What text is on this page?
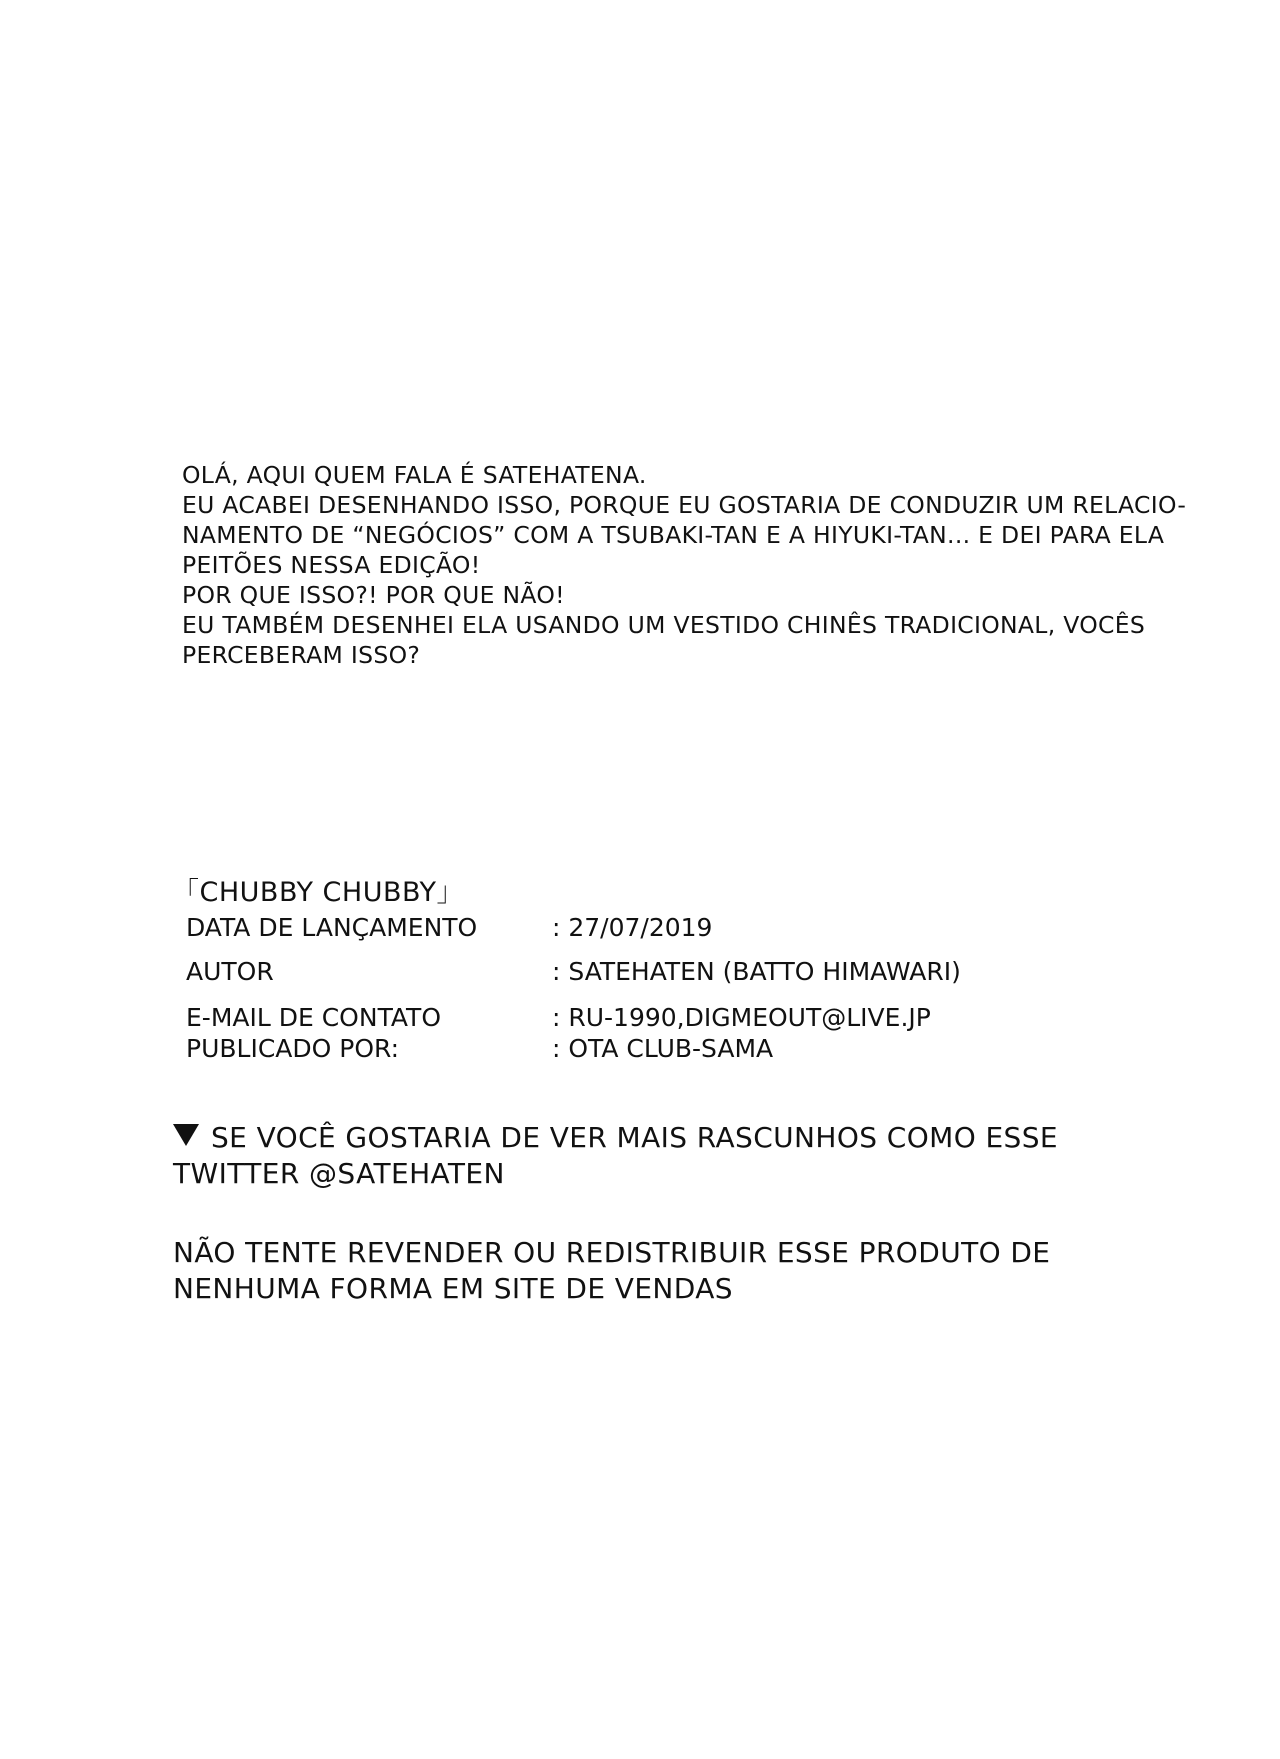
OLÁ, AQUI QUEM FALA É SATEHATENA.
EU ACABEI DESENHANDO ISSO, PORQUE EU GOSTARIA DE CONDUZIR UM RELACIO-
NAMENTO DE “NEGÓCIOS” COM A TSUBAKI-TAN E A HIYUKI-TAN... E DEI PARA ELA
PEITÕES NESSA EDIÇÃO!
POR QUE ISSO?! POR QUE NÃO!
EU TAMBÉM DESENHEI ELA USANDO UM VESTIDO CHINÊS TRADICIONAL, VOCÊS
PERCEBERAM ISSO?
「CHUBBY CHUBBY」
DATA DE LANÇAMENTO	: 27/07/2019
AUTOR	: SATEHATEN (BATTO HIMAWARI)
E-MAIL DE CONTATO	: RU-1990,DIGMEOUT@LIVE.JP
PUBLICADO POR:	: OTA CLUB-SAMA
SE VOCÊ GOSTARIA DE VER MAIS RASCUNHOS COMO ESSE
TWITTER @SATEHATEN
NÃO TENTE REVENDER OU REDISTRIBUIR ESSE PRODUTO DE
NENHUMA FORMA EM SITE DE VENDAS
